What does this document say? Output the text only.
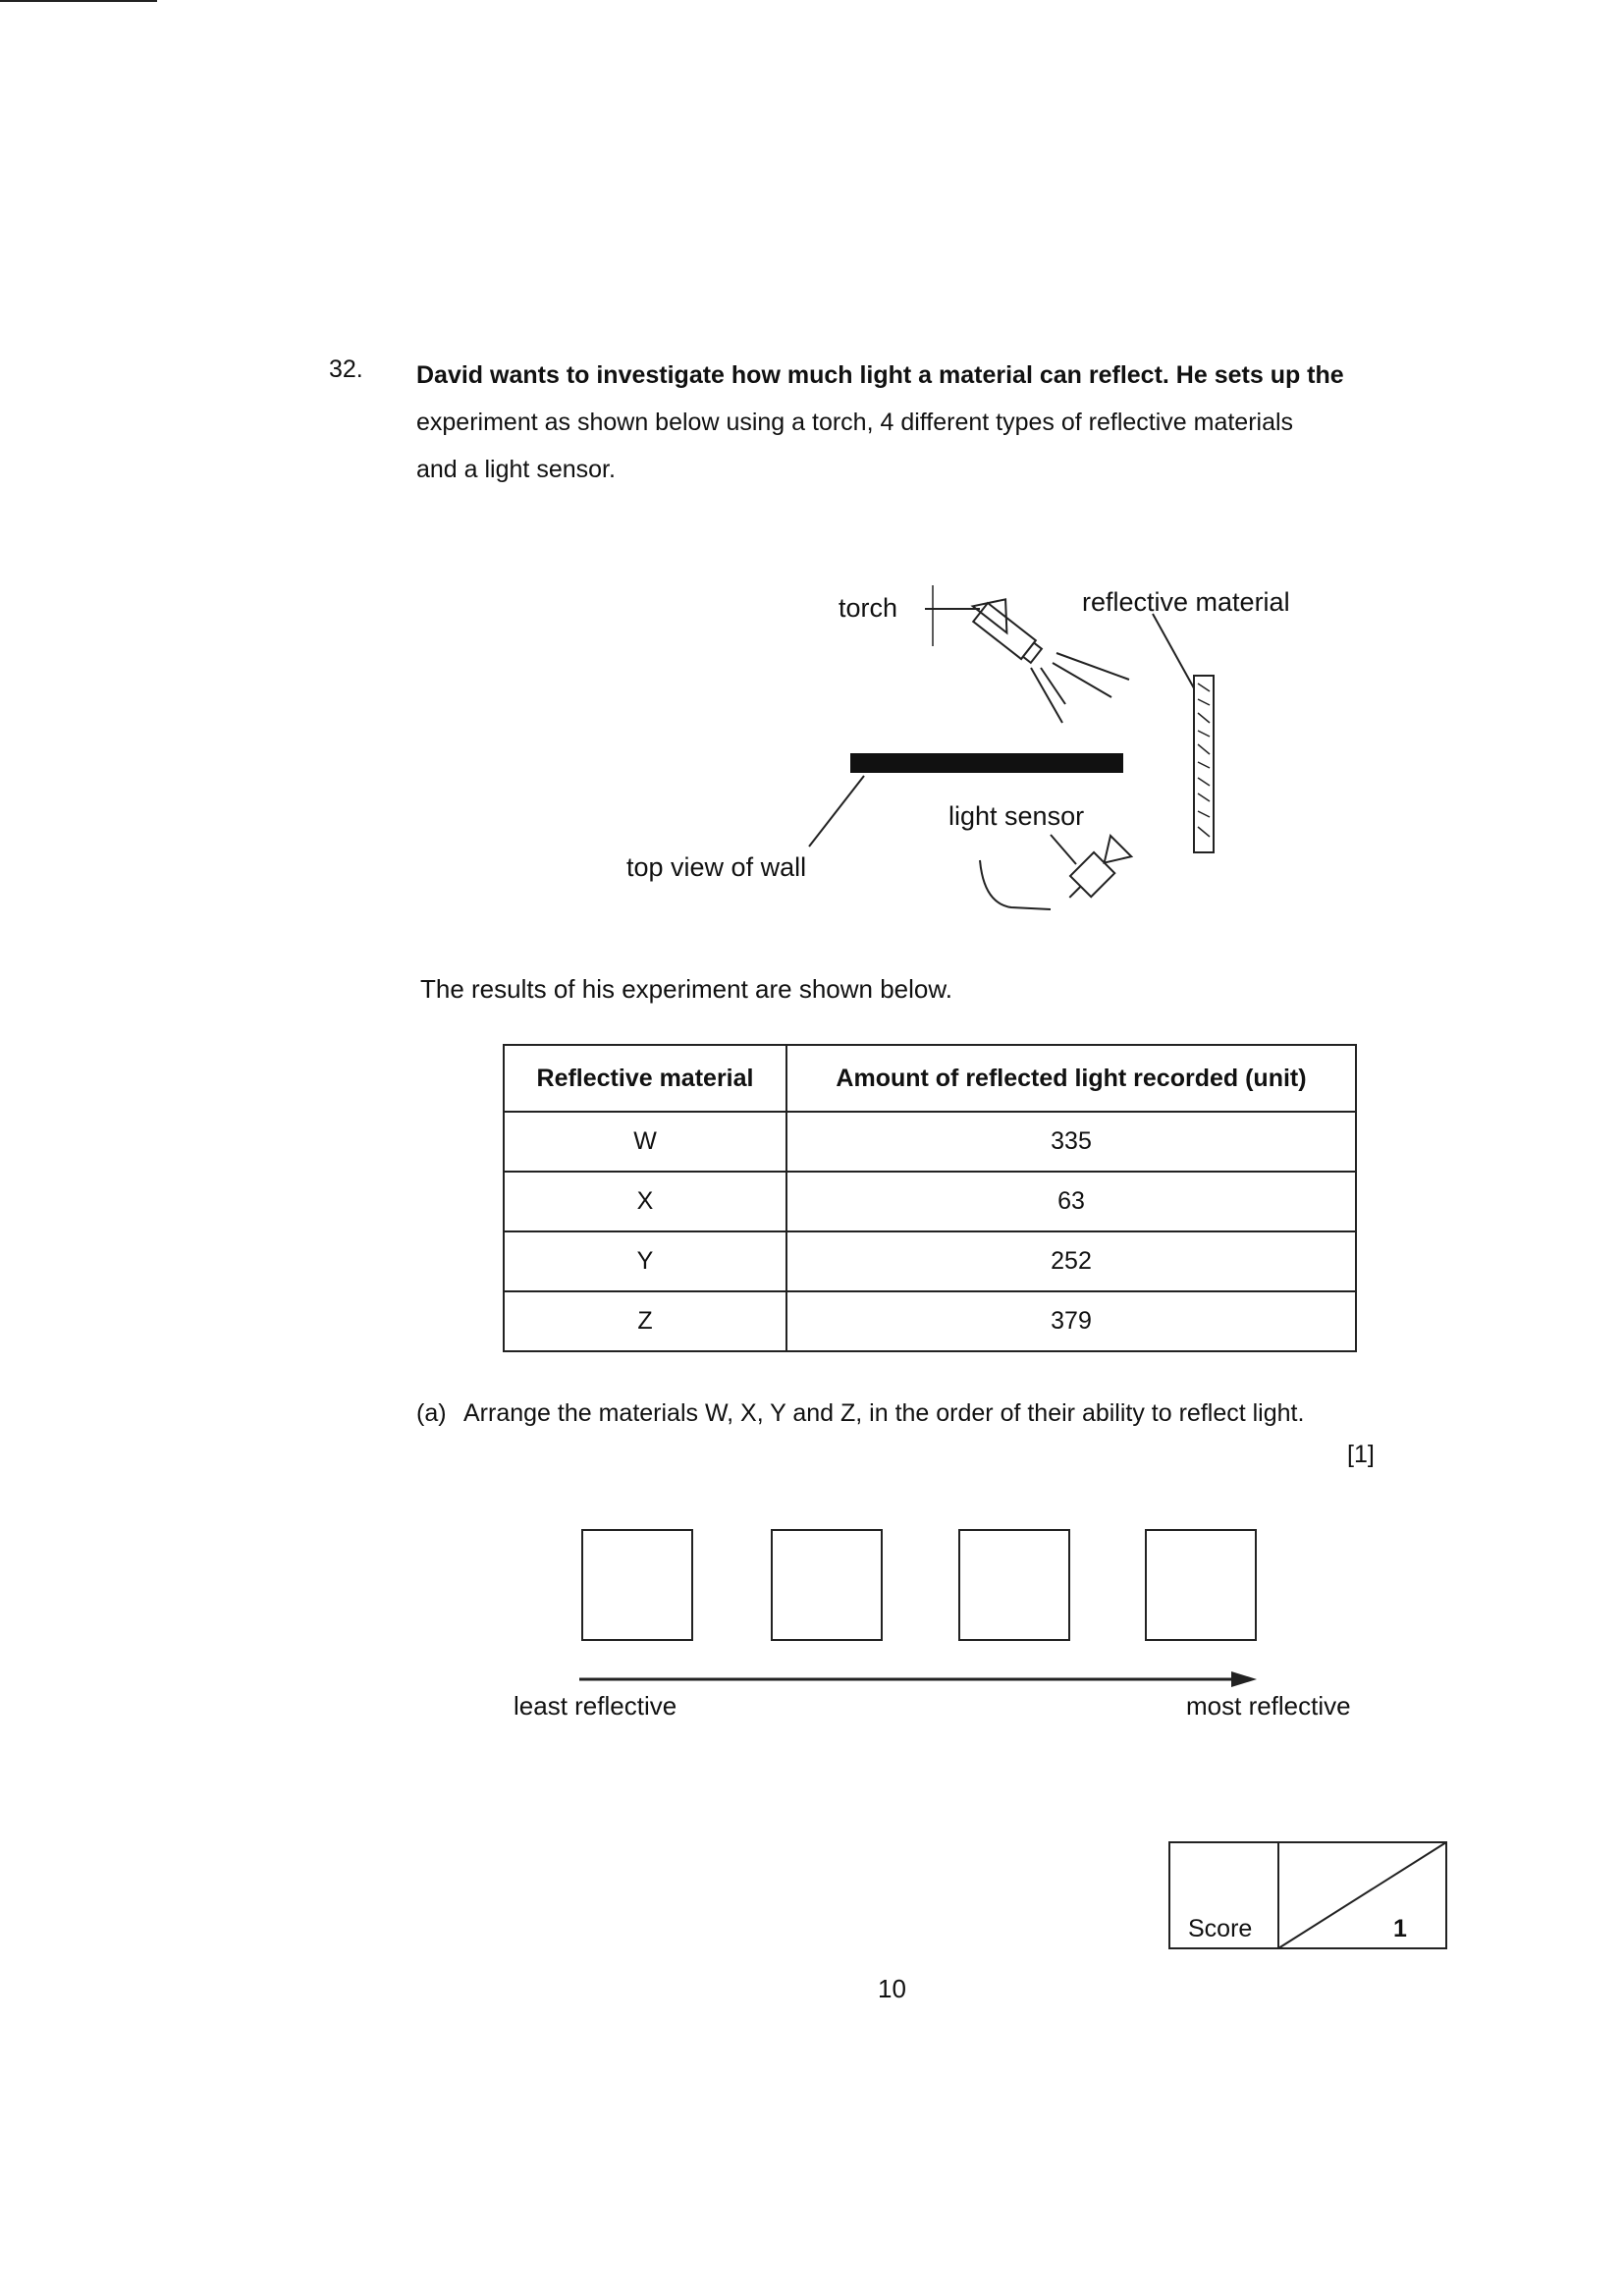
32. David wants to investigate how much light a material can reflect. He sets up the
experiment as shown below using a torch, 4 different types of reflective materials
and a light sensor.
torch	reflective material
light sensor
top view of wall
The results of his experiment are shown below.
Reflective material	Amount of reflected light recorded (unit)
W	335
X	63
Y	252
Z	379
(a) Arrange the materials W, X, Y and Z, in the order of their ability to reflect light.
[1]
least reflective	most reflective
Score	1
10
